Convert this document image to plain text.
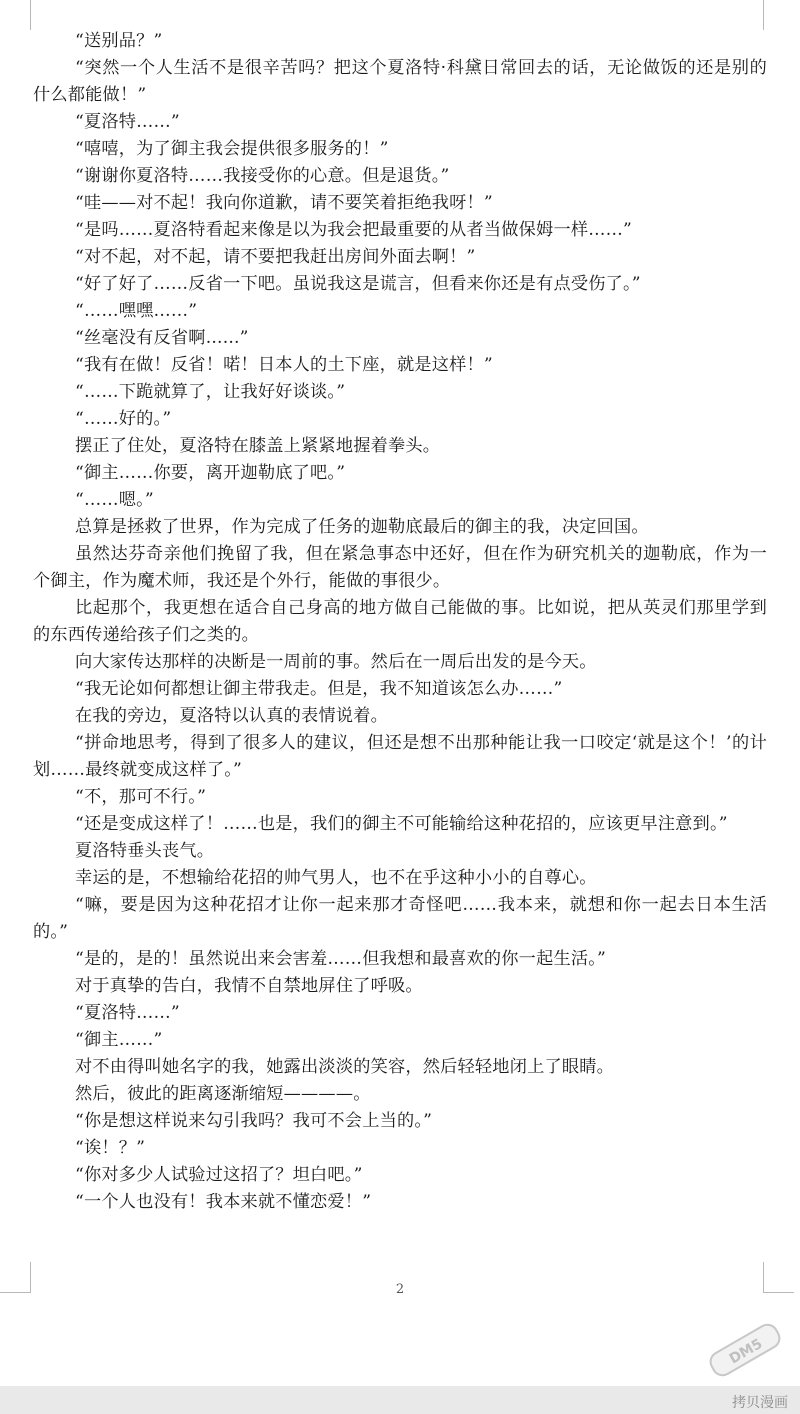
“送别品？”

“突然一个人生活不是很辛苦吗？把这个夏洛特·科黛日常回去的话，无论做饭的还是别的什么都能做！”

“夏洛特……”

“嘻嘻，为了御主我会提供很多服务的！”

“谢谢你夏洛特……我接受你的心意。但是退货。”

“哇——对不起！我向你道歉，请不要笑着拒绝我呀！”

“是吗……夏洛特看起来像是以为我会把最重要的从者当做保姆一样……”

“对不起，对不起，请不要把我赶出房间外面去啊！”

“好了好了……反省一下吧。虽说我这是谎言，但看来你还是有点受伤了。”

“……嘿嘿……”

“丝毫没有反省啊......”

“我有在做！反省！喏！日本人的土下座，就是这样！”

“……下跪就算了，让我好好谈谈。”

“……好的。”

摆正了住处，夏洛特在膝盖上紧紧地握着拳头。

“御主……你要，离开迦勒底了吧。”

“……嗯。”

总算是拯救了世界，作为完成了任务的迦勒底最后的御主的我，决定回国。

虽然达芬奇亲他们挽留了我，但在紧急事态中还好，但在作为研究机关的迦勒底，作为一个御主，作为魔术师，我还是个外行，能做的事很少。

比起那个，我更想在适合自己身高的地方做自己能做的事。比如说，把从英灵们那里学到的东西传递给孩子们之类的。

向大家传达那样的决断是一周前的事。然后在一周后出发的是今天。

“我无论如何都想让御主带我走。但是，我不知道该怎么办……”

在我的旁边，夏洛特以认真的表情说着。

“拼命地思考，得到了很多人的建议，但还是想不出那种能让我一口咬定‘就是这个！’的计划……最终就变成这样了。”

“不，那可不行。”

“还是变成这样了！……也是，我们的御主不可能输给这种花招的，应该更早注意到。”

夏洛特垂头丧气。

幸运的是，不想输给花招的帅气男人，也不在乎这种小小的自尊心。

“嘛，要是因为这种花招才让你一起来那才奇怪吧……我本来，就想和你一起去日本生活的。”

“是的，是的！虽然说出来会害羞……但我想和最喜欢的你一起生活。”

对于真挚的告白，我情不自禁地屏住了呼吸。

“夏洛特……”

“御主……”

对不由得叫她名字的我，她露出淡淡的笑容，然后轻轻地闭上了眼睛。

然后，彼此的距离逐渐缩短————。

“你是想这样说来勾引我吗？我可不会上当的。”

“诶！？”

“你对多少人试验过这招了？坦白吧。”

“一个人也没有！我本来就不懂恋爱！”

2
DM5
拷贝漫画
